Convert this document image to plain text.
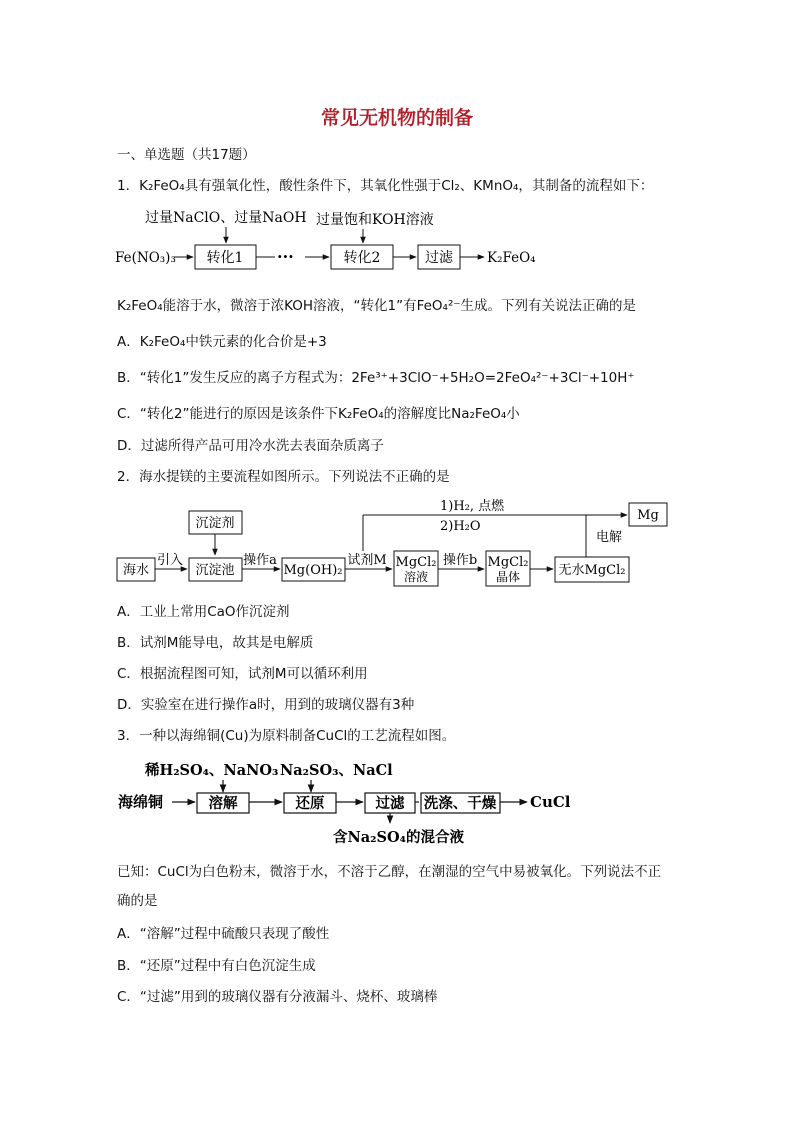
常见无机物的制备
一、单选题（共17题）
1．K₂FeO₄具有强氧化性，酸性条件下，其氧化性强于Cl₂、KMnO₄，其制备的流程如下：
过量NaClO、过量NaOH 过量饱和KOH溶液
Fe(NO₃)₃ 转化1 ···	转化2	过滤	K₂FeO₄
K₂FeO₄能溶于水，微溶于浓KOH溶液，“转化1”有FeO₄²⁻生成。下列有关说法正确的是
A．K₂FeO₄中铁元素的化合价是+3
B．“转化1”发生反应的离子方程式为：2Fe³⁺+3ClO⁻+5H₂O=2FeO₄²⁻+3Cl⁻+10H⁺
C．“转化2”能进行的原因是该条件下K₂FeO₄的溶解度比Na₂FeO₄小
D．过滤所得产品可用冷水洗去表面杂质离子
2．海水提镁的主要流程如图所示。下列说法不正确的是
沉淀剂
海水
引入
沉淀池
操作a
Mg(OH)₂
试剂M
1)H₂, 点燃
2)H₂O
Mg
MgCl₂
溶液
操作b MgCl₂
晶体	无水MgCl₂
电解
A．工业上常用CaO作沉淀剂
B．试剂M能导电，故其是电解质
C．根据流程图可知，试剂M可以循环利用
D．实验室在进行操作a时，用到的玻璃仪器有3种
3．一种以海绵铜(Cu)为原料制备CuCl的工艺流程如图。
稀H₂SO₄、NaNO₃ Na₂SO₃、NaCl
海绵铜	溶解	还原	过滤
含Na₂SO₄的混合液
洗涤、干燥 CuCl
已知：CuCl为白色粉末，微溶于水，不溶于乙醇，在潮湿的空气中易被氧化。下列说法不正
确的是
A．“溶解”过程中硫酸只表现了酸性
B．“还原”过程中有白色沉淀生成
C．“过滤”用到的玻璃仪器有分液漏斗、烧杯、玻璃棒
